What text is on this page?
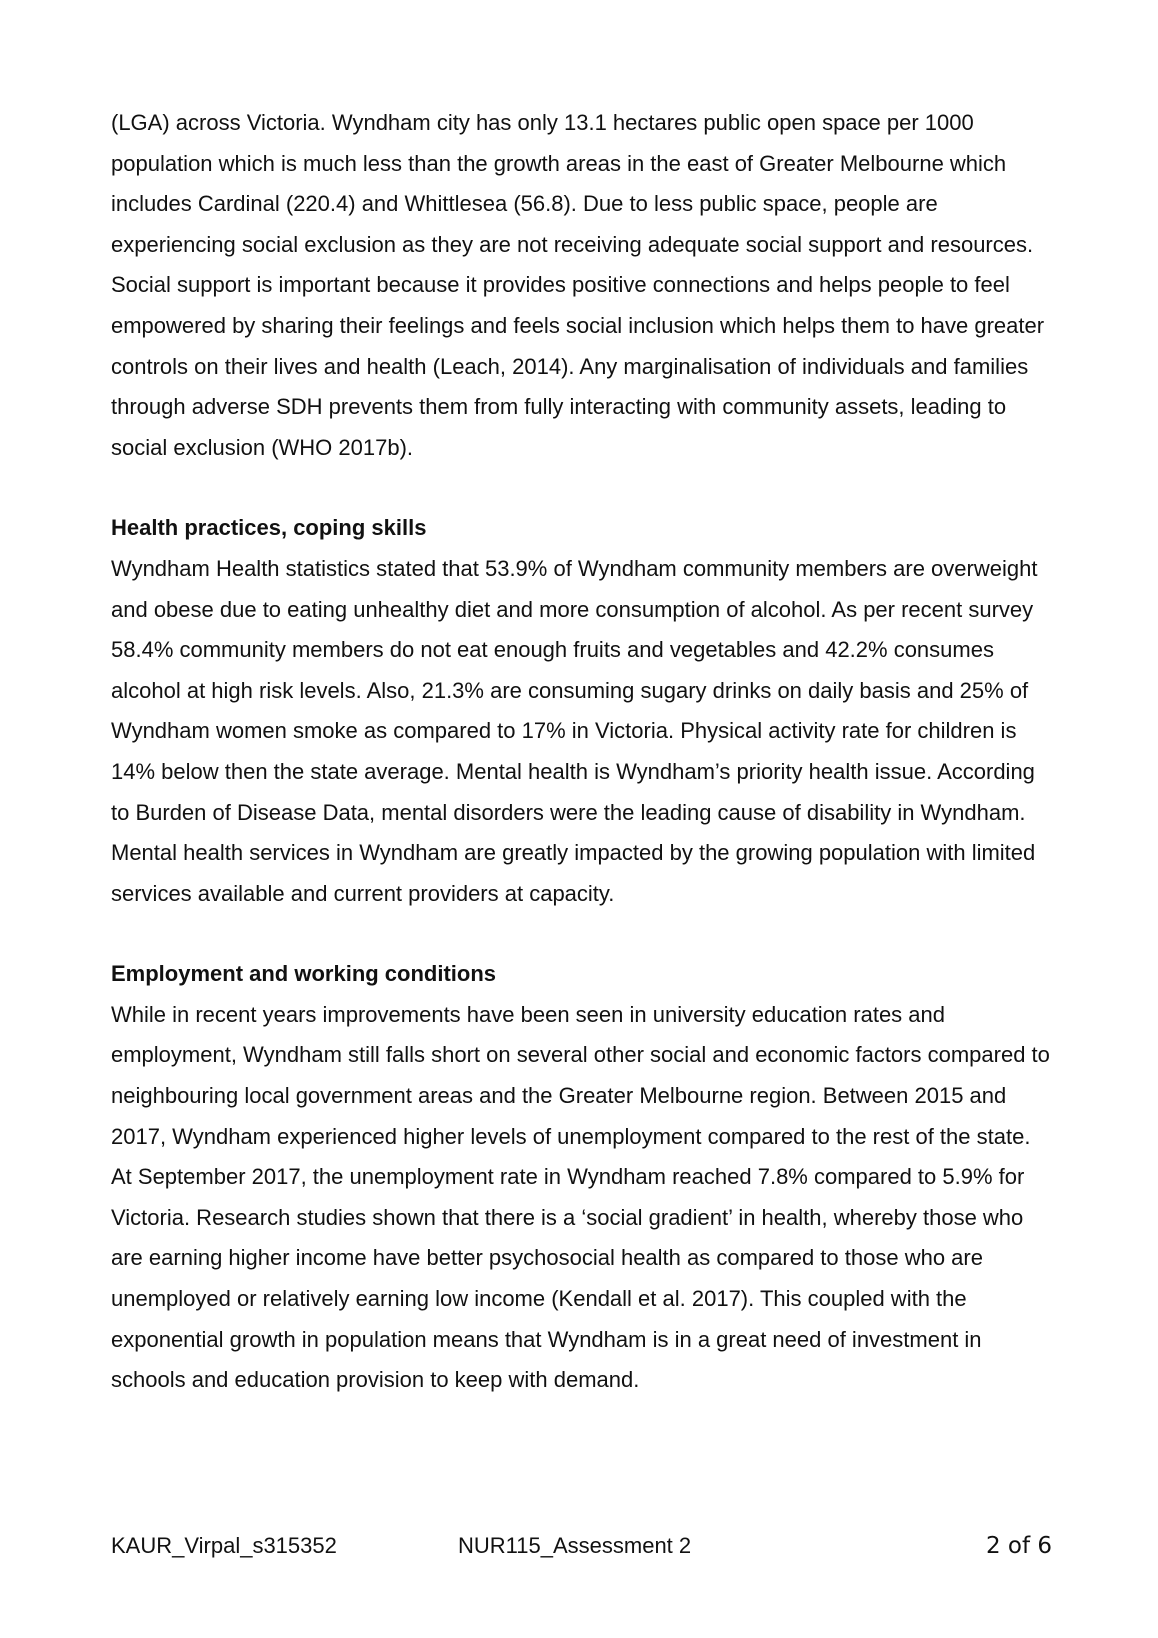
(LGA) across Victoria. Wyndham city has only 13.1 hectares public open space per 1000 population which is much less than the growth areas in the east of Greater Melbourne which includes Cardinal (220.4) and Whittlesea (56.8). Due to less public space, people are experiencing social exclusion as they are not receiving adequate social support and resources. Social support is important because it provides positive connections and helps people to feel empowered by sharing their feelings and feels social inclusion which helps them to have greater controls on their lives and health (Leach, 2014). Any marginalisation of individuals and families through adverse SDH prevents them from fully interacting with community assets, leading to social exclusion (WHO 2017b).

Health practices, coping skills

Wyndham Health statistics stated that 53.9% of Wyndham community members are overweight and obese due to eating unhealthy diet and more consumption of alcohol. As per recent survey 58.4% community members do not eat enough fruits and vegetables and 42.2% consumes alcohol at high risk levels. Also, 21.3% are consuming sugary drinks on daily basis and 25% of Wyndham women smoke as compared to 17% in Victoria. Physical activity rate for children is 14% below then the state average. Mental health is Wyndham’s priority health issue. According to Burden of Disease Data, mental disorders were the leading cause of disability in Wyndham. Mental health services in Wyndham are greatly impacted by the growing population with limited services available and current providers at capacity.

Employment and working conditions

While in recent years improvements have been seen in university education rates and employment, Wyndham still falls short on several other social and economic factors compared to neighbouring local government areas and the Greater Melbourne region. Between 2015 and 2017, Wyndham experienced higher levels of unemployment compared to the rest of the state. At September 2017, the unemployment rate in Wyndham reached 7.8% compared to 5.9% for Victoria. Research studies shown that there is a ‘social gradient’ in health, whereby those who are earning higher income have better psychosocial health as compared to those who are unemployed or relatively earning low income (Kendall et al. 2017). This coupled with the exponential growth in population means that Wyndham is in a great need of investment in schools and education provision to keep with demand.

KAUR_Virpal_s315352	NUR115_Assessment 2	2 of 6
